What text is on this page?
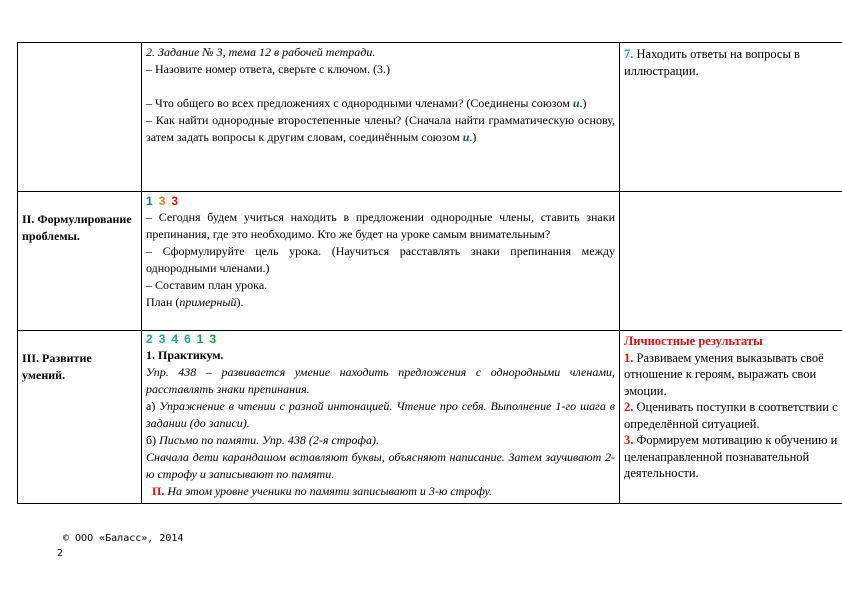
2. Задание № 3, тема 12 в рабочей тетради.

– Назовите номер ответа, сверьте с ключом. (3.)

– Что общего во всех предложениях с однородными членами? (Соединены союзом и.)

– Как найти однородные второстепенные члены? (Сначала найти грамматическую основу, затем задать вопросы к другим словам, соединённым союзом и.)

7. Находить ответы на вопросы в иллюстрации.

II. Формулирование проблемы.

1 3 3

– Сегодня будем учиться находить в предложении однородные члены, ставить знаки препинания, где это необходимо. Кто же будет на уроке самым внимательным?

– Сформулируйте цель урока. (Научиться расставлять знаки препинания между однородными членами.)

– Составим план урока.

План (примерный).

III. Развитие умений.

2 3 4 6 1 3

1. Практикум.

Упр. 438 – развивается умение находить предложения с однородными членами, расставлять знаки препинания.

а) Упражнение в чтении с разной интонацией. Чтение про себя. Выполнение 1-го шага в задании (до записи).

б) Письмо по памяти. Упр. 438 (2-я строфа).

Сначала дети карандашом вставляют буквы, объясняют написание. Затем заучивают 2-ю строфу и записывают по памяти.

П. На этом уровне ученики по памяти записывают и 3-ю строфу.

Личностные результаты

1. Развиваем умения выказывать своё отношение к героям, выражать свои эмоции.

2. Оценивать поступки в соответствии с определённой ситуацией.

3. Формируем мотивацию к обучению и целенаправленной познавательной деятельности.

© ООО «Баласс», 2014
2
